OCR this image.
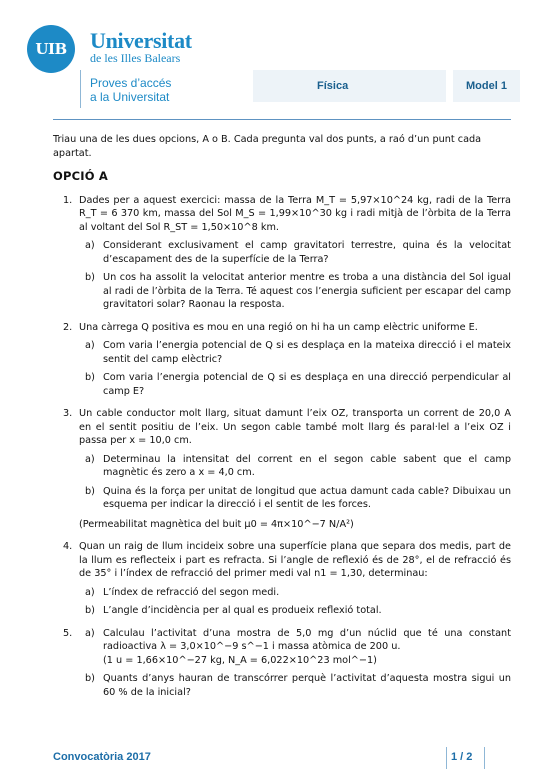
UIB	Universitat
de les Illes Balears
Proves d’accés
a la Universitat
Física	Model 1

Triau una de les dues opcions, A o B. Cada pregunta val dos punts, a raó d’un punt cada apartat.

OPCIÓ A

1. Dades per a aquest exercici: massa de la Terra M_T = 5,97×10^24 kg, radi de la Terra R_T = 6 370 km, massa del Sol M_S = 1,99×10^30 kg i radi mitjà de l’òrbita de la Terra al voltant del Sol R_ST = 1,50×10^8 km.
a) Considerant exclusivament el camp gravitatori terrestre, quina és la velocitat d’escapament des de la superfície de la Terra?
b) Un cos ha assolit la velocitat anterior mentre es troba a una distància del Sol igual al radi de l’òrbita de la Terra. Té aquest cos l’energia suficient per escapar del camp gravitatori solar? Raonau la resposta.
2. Una càrrega Q positiva es mou en una regió on hi ha un camp elèctric uniforme E.
a) Com varia l’energia potencial de Q si es desplaça en la mateixa direcció i el mateix sentit del camp elèctric?
b) Com varia l’energia potencial de Q si es desplaça en una direcció perpendicular al camp E?
3. Un cable conductor molt llarg, situat damunt l’eix OZ, transporta un corrent de 20,0 A en el sentit positiu de l’eix. Un segon cable també molt llarg és paral·lel a l’eix OZ i passa per x = 10,0 cm.
a) Determinau la intensitat del corrent en el segon cable sabent que el camp magnètic és zero a x = 4,0 cm.
b) Quina és la força per unitat de longitud que actua damunt cada cable? Dibuixau un esquema per indicar la direcció i el sentit de les forces.
(Permeabilitat magnètica del buit μ0 = 4π×10^−7 N/A²)
4. Quan un raig de llum incideix sobre una superfície plana que separa dos medis, part de la llum es reflecteix i part es refracta. Si l’angle de reflexió és de 28°, el de refracció és de 35° i l’índex de refracció del primer medi val n1 = 1,30, determinau:
a) L’índex de refracció del segon medi.
b) L’angle d’incidència per al qual es produeix reflexió total.
5. a) Calculau l’activitat d’una mostra de 5,0 mg d’un núclid que té una constant radioactiva λ = 3,0×10^−9 s^−1 i massa atòmica de 200 u.
(1 u = 1,66×10^−27 kg, N_A = 6,022×10^23 mol^−1)
b) Quants d’anys hauran de transcórrer perquè l’activitat d’aquesta mostra sigui un 60 % de la inicial?
Convocatòria 2017	1 / 2
